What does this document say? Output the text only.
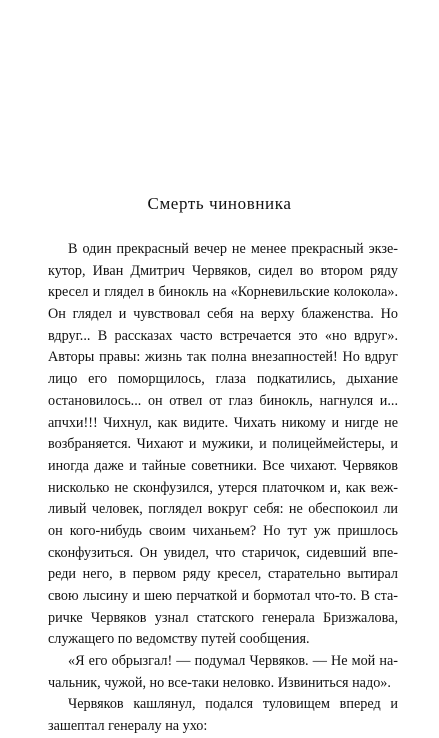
Смерть чиновника
В один прекрасный вечер не менее прекрасный экзе-
кутор, Иван Дмитрич Червяков, сидел во втором ряду
кресел и глядел в бинокль на «Корневильские колокола».
Он глядел и чувствовал себя на верху блаженства. Но
вдруг... В рассказах часто встречается это «но вдруг».
Авторы правы: жизнь так полна внезапностей! Но вдруг
лицо его поморщилось, глаза подкатились, дыхание
остановилось... он отвел от глаз бинокль, нагнулся и...
апчхи!!! Чихнул, как видите. Чихать никому и нигде не
возбраняется. Чихают и мужики, и полицеймейстеры, и
иногда даже и тайные советники. Все чихают. Червяков
нисколько не сконфузился, утерся платочком и, как веж-
ливый человек, поглядел вокруг себя: не обеспокоил ли
он кого-нибудь своим чиханьем? Но тут уж пришлось
сконфузиться. Он увидел, что старичок, сидевший впе-
реди него, в первом ряду кресел, старательно вытирал
свою лысину и шею перчаткой и бормотал что-то. В ста-
ричке Червяков узнал статского генерала Бризжалова,
служащего по ведомству путей сообщения.
«Я его обрызгал! — подумал Червяков. — Не мой на-
чальник, чужой, но все-таки неловко. Извиниться надо».
Червяков кашлянул, подался туловищем вперед и
зашептал генералу на ухо:
